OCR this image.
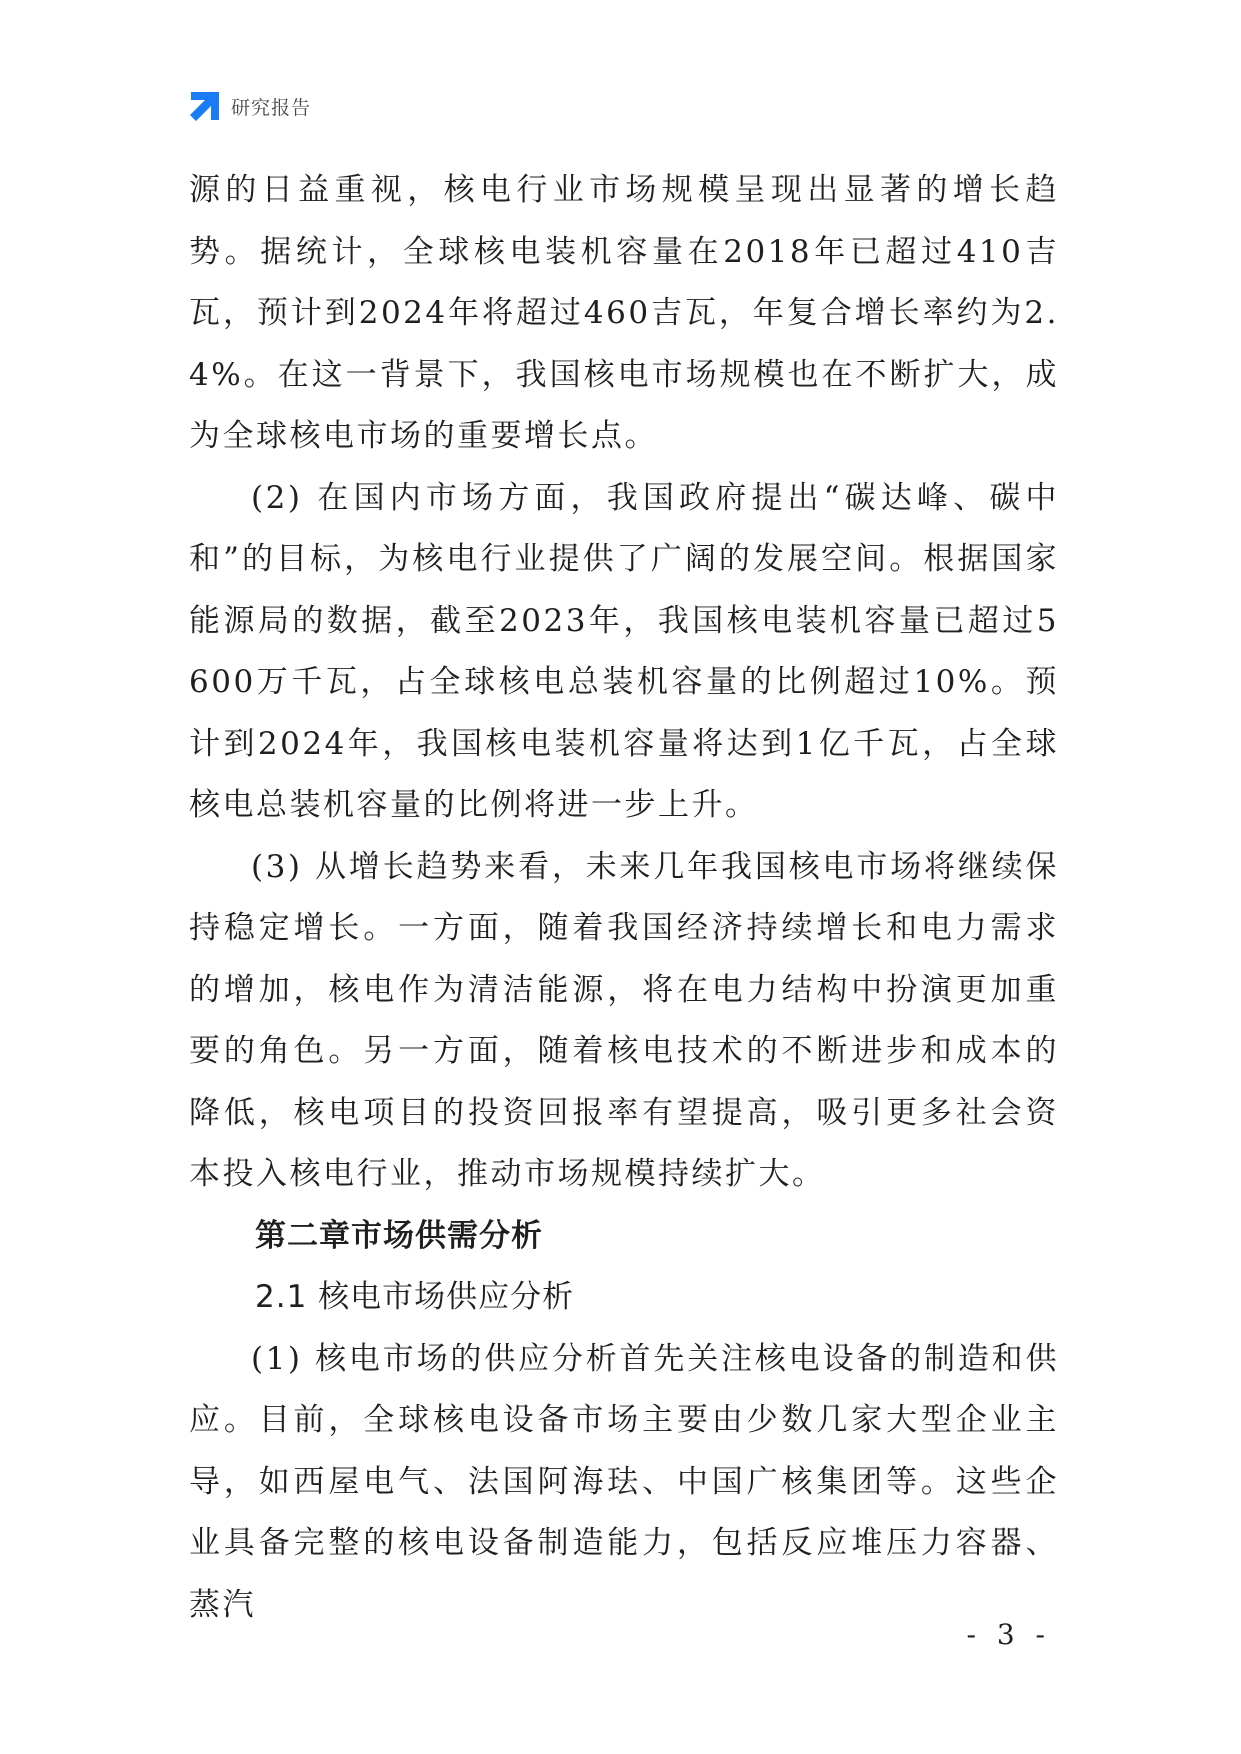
研究报告

源的日益重视，核电行业市场规模呈现出显著的增长趋势。据统计，全球核电装机容量在2018年已超过410吉瓦，预计到2024年将超过460吉瓦，年复合增长率约为2.4%。在这一背景下，我国核电市场规模也在不断扩大，成为全球核电市场的重要增长点。

(2) 在国内市场方面，我国政府提出“碳达峰、碳中和”的目标，为核电行业提供了广阔的发展空间。根据国家能源局的数据，截至2023年，我国核电装机容量已超过5600万千瓦，占全球核电总装机容量的比例超过10%。预计到2024年，我国核电装机容量将达到1亿千瓦，占全球核电总装机容量的比例将进一步上升。

(3) 从增长趋势来看，未来几年我国核电市场将继续保持稳定增长。一方面，随着我国经济持续增长和电力需求的增加，核电作为清洁能源，将在电力结构中扮演更加重要的角色。另一方面，随着核电技术的不断进步和成本的降低，核电项目的投资回报率有望提高，吸引更多社会资本投入核电行业，推动市场规模持续扩大。

第二章市场供需分析

2.1 核电市场供应分析

(1) 核电市场的供应分析首先关注核电设备的制造和供应。目前，全球核电设备市场主要由少数几家大型企业主导，如西屋电气、法国阿海珐、中国广核集团等。这些企业具备完整的核电设备制造能力，包括反应堆压力容器、蒸汽

- 3 -
